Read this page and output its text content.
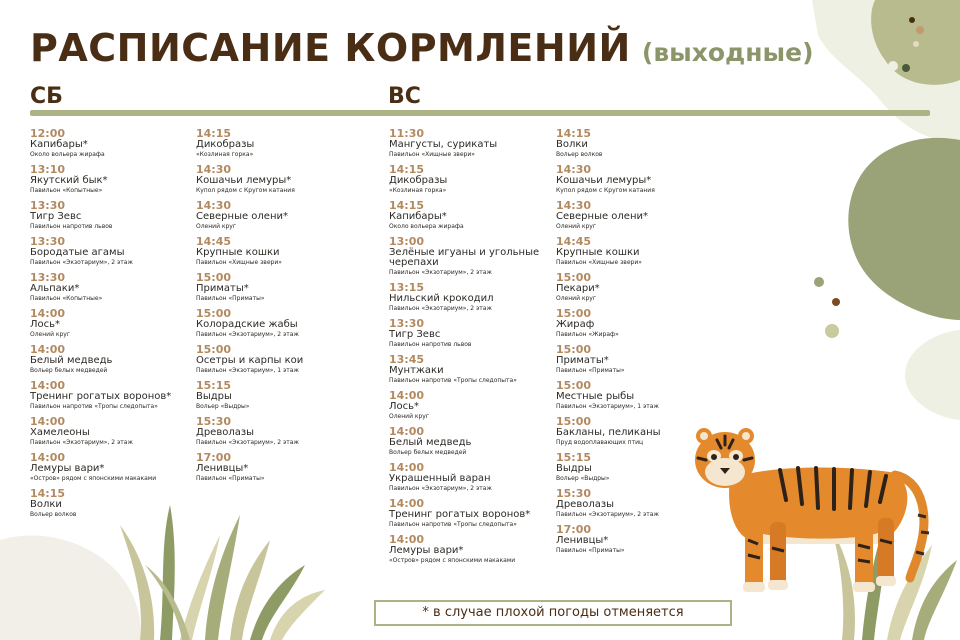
РАСПИСАНИЕ КОРМЛЕНИЙ (выходные)
СБ	ВС
12:00
Капибары*
Около вольера жирафа
13:10
Якутский бык*
Павильон «Копытные»
13:30
Тигр Зевс
Павильон напротив львов
13:30
Бородатые агамы
Павильон «Экзотариум», 2 этаж
13:30
Альпаки*
Павильон «Копытные»
14:00
Лось*
Олений круг
14:00
Белый медведь
Вольер белых медведей
14:00
Тренинг рогатых воронов*
Павильон напротив «Тропы следопыта»
14:00
Хамелеоны
Павильон «Экзотариум», 2 этаж
14:00
Лемуры вари*
«Остров» рядом с японскими макаками
14:15
Волки
Вольер волков
14:15
Дикобразы
«Козлиная горка»
14:30
Кошачьи лемуры*
Купол рядом с Кругом катания
14:30
Северные олени*
Олений круг
14:45
Крупные кошки
Павильон «Хищные звери»
15:00
Приматы*
Павильон «Приматы»
15:00
Колорадские жабы
Павильон «Экзотариум», 2 этаж
15:00
Осетры и карпы кои
Павильон «Экзотариум», 1 этаж
15:15
Выдры
Вольер «Выдры»
15:30
Древолазы
Павильон «Экзотариум», 2 этаж
17:00
Ленивцы*
Павильон «Приматы»
11:30
Мангусты, сурикаты
Павильон «Хищные звери»
14:15
Дикобразы
«Козлиная горка»
14:15
Капибары*
Около вольера жирафа
13:00
Зелёные игуаны и угольные черепахи
Павильон «Экзотариум», 2 этаж
13:15
Нильский крокодил
Павильон «Экзотариум», 2 этаж
13:30
Тигр Зевс
Павильон напротив львов
13:45
Мунтжаки
Павильон напротив «Тропы следопыта»
14:00
Лось*
Олений круг
14:00
Белый медведь
Вольер белых медведей
14:00
Украшенный варан
Павильон «Экзотариум», 2 этаж
14:00
Тренинг рогатых воронов*
Павильон напротив «Тропы следопыта»
14:00
Лемуры вари*
«Остров» рядом с японскими макаками
14:15
Волки
Вольер волков
14:30
Кошачьи лемуры*
Купол рядом с Кругом катания
14:30
Северные олени*
Олений круг
14:45
Крупные кошки
Павильон «Хищные звери»
15:00
Пекари*
Олений круг
15:00
Жираф
Павильон «Жираф»
15:00
Приматы*
Павильон «Приматы»
15:00
Местные рыбы
Павильон «Экзотариум», 1 этаж
15:00
Бакланы, пеликаны
Пруд водоплавающих птиц
15:15
Выдры
Вольер «Выдры»
15:30
Древолазы
Павильон «Экзотариум», 2 этаж
17:00
Ленивцы*
Павильон «Приматы»
* в случае плохой погоды отменяется
